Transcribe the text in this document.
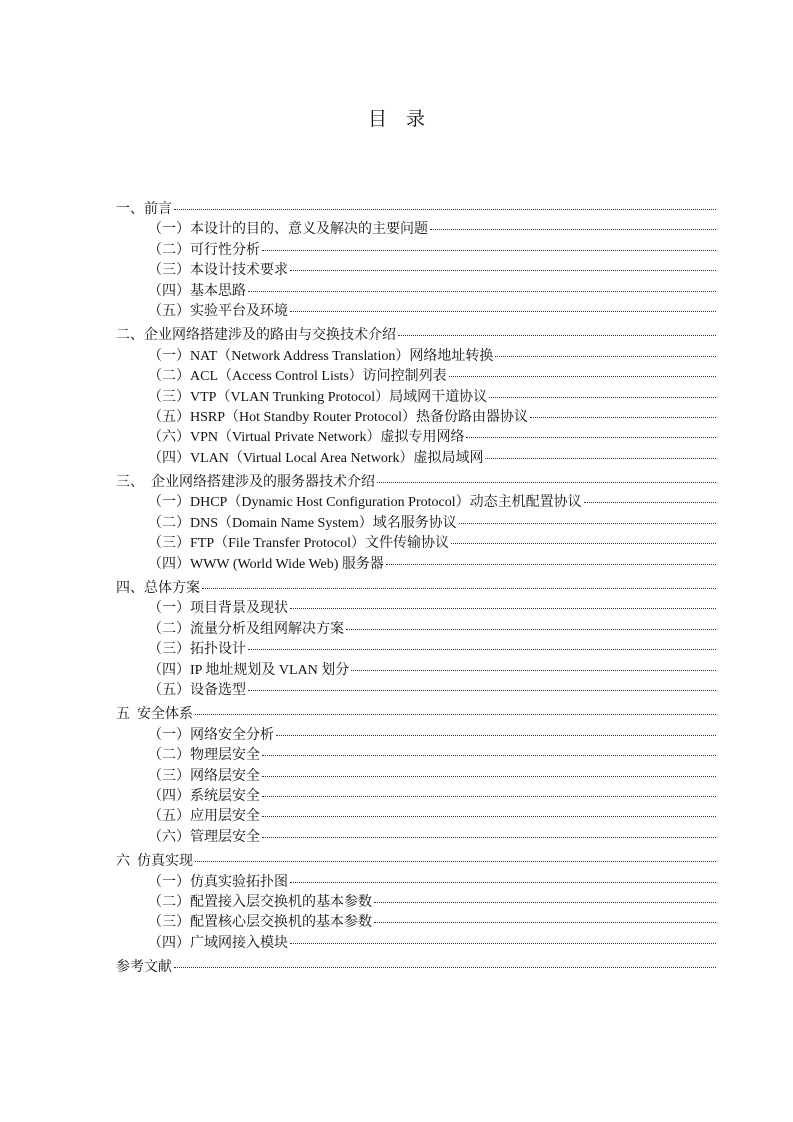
目　录
一、前言
（一）本设计的目的、意义及解决的主要问题
（二）可行性分析
（三）本设计技术要求
（四）基本思路
（五）实验平台及环境
二、企业网络搭建涉及的路由与交换技术介绍
（一）NAT（Network Address Translation）网络地址转换
（二）ACL（Access Control Lists）访问控制列表
（三）VTP（VLAN Trunking Protocol）局域网干道协议
（五）HSRP（Hot Standby Router Protocol）热备份路由器协议
（六）VPN（Virtual Private Network）虚拟专用网络
（四）VLAN（Virtual Local Area Network）虚拟局域网
三、　企业网络搭建涉及的服务器技术介绍
（一）DHCP（Dynamic Host Configuration Protocol）动态主机配置协议
（二）DNS（Domain Name System）域名服务协议
（三）FTP（File Transfer Protocol）文件传输协议
（四）WWW (World Wide Web) 服务器
四、总体方案
（一）项目背景及现状
（二）流量分析及组网解决方案
（三）拓扑设计
（四）IP 地址规划及 VLAN 划分
（五）设备选型
五  安全体系
（一）网络安全分析
（二）物理层安全
（三）网络层安全
（四）系统层安全
（五）应用层安全
（六）管理层安全
六  仿真实现
（一）仿真实验拓扑图
（二）配置接入层交换机的基本参数
（三）配置核心层交换机的基本参数
（四）广域网接入模块
参考文献
